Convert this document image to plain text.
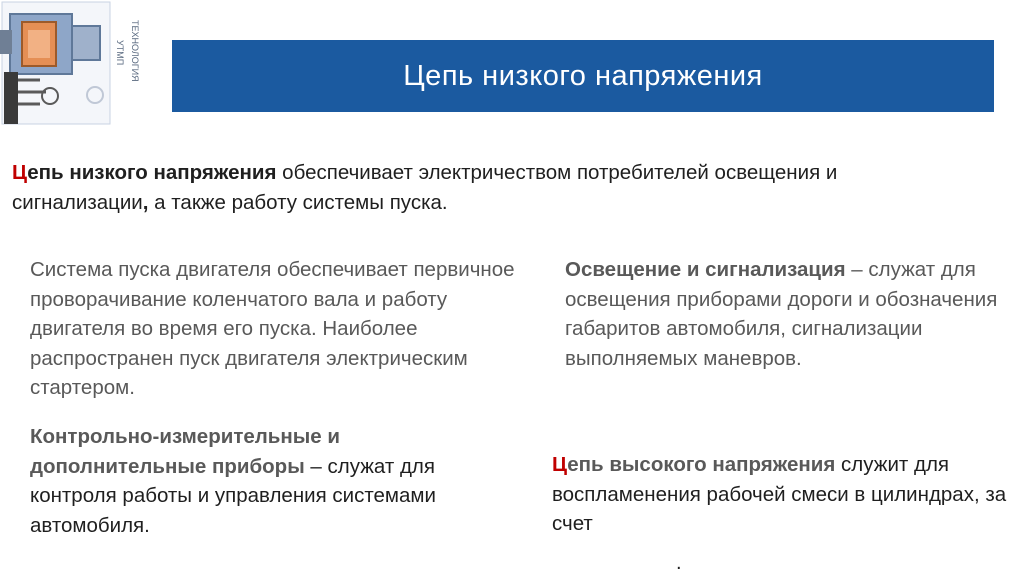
УТМП ТЕХНОЛОГИЯ	Цепь низкого напряжения
Цепь низкого напряжения обеспечивает электричеством потребителей освещения и сигнализации, а также работу системы пуска.
Система пуска двигателя обеспечивает первичное проворачивание коленчатого вала и работу двигателя во время его пуска. Наиболее распространен пуск двигателя электрическим стартером.
Освещение и сигнализация – служат для освещения приборами дороги и обозначения габаритов автомобиля, сигнализации выполняемых маневров.
Контрольно-измерительные и дополнительные приборы – служат для контроля работы и управления системами автомобиля.
Цепь высокого напряжения служит для воспламенения рабочей смеси в цилиндрах, за счет
.
